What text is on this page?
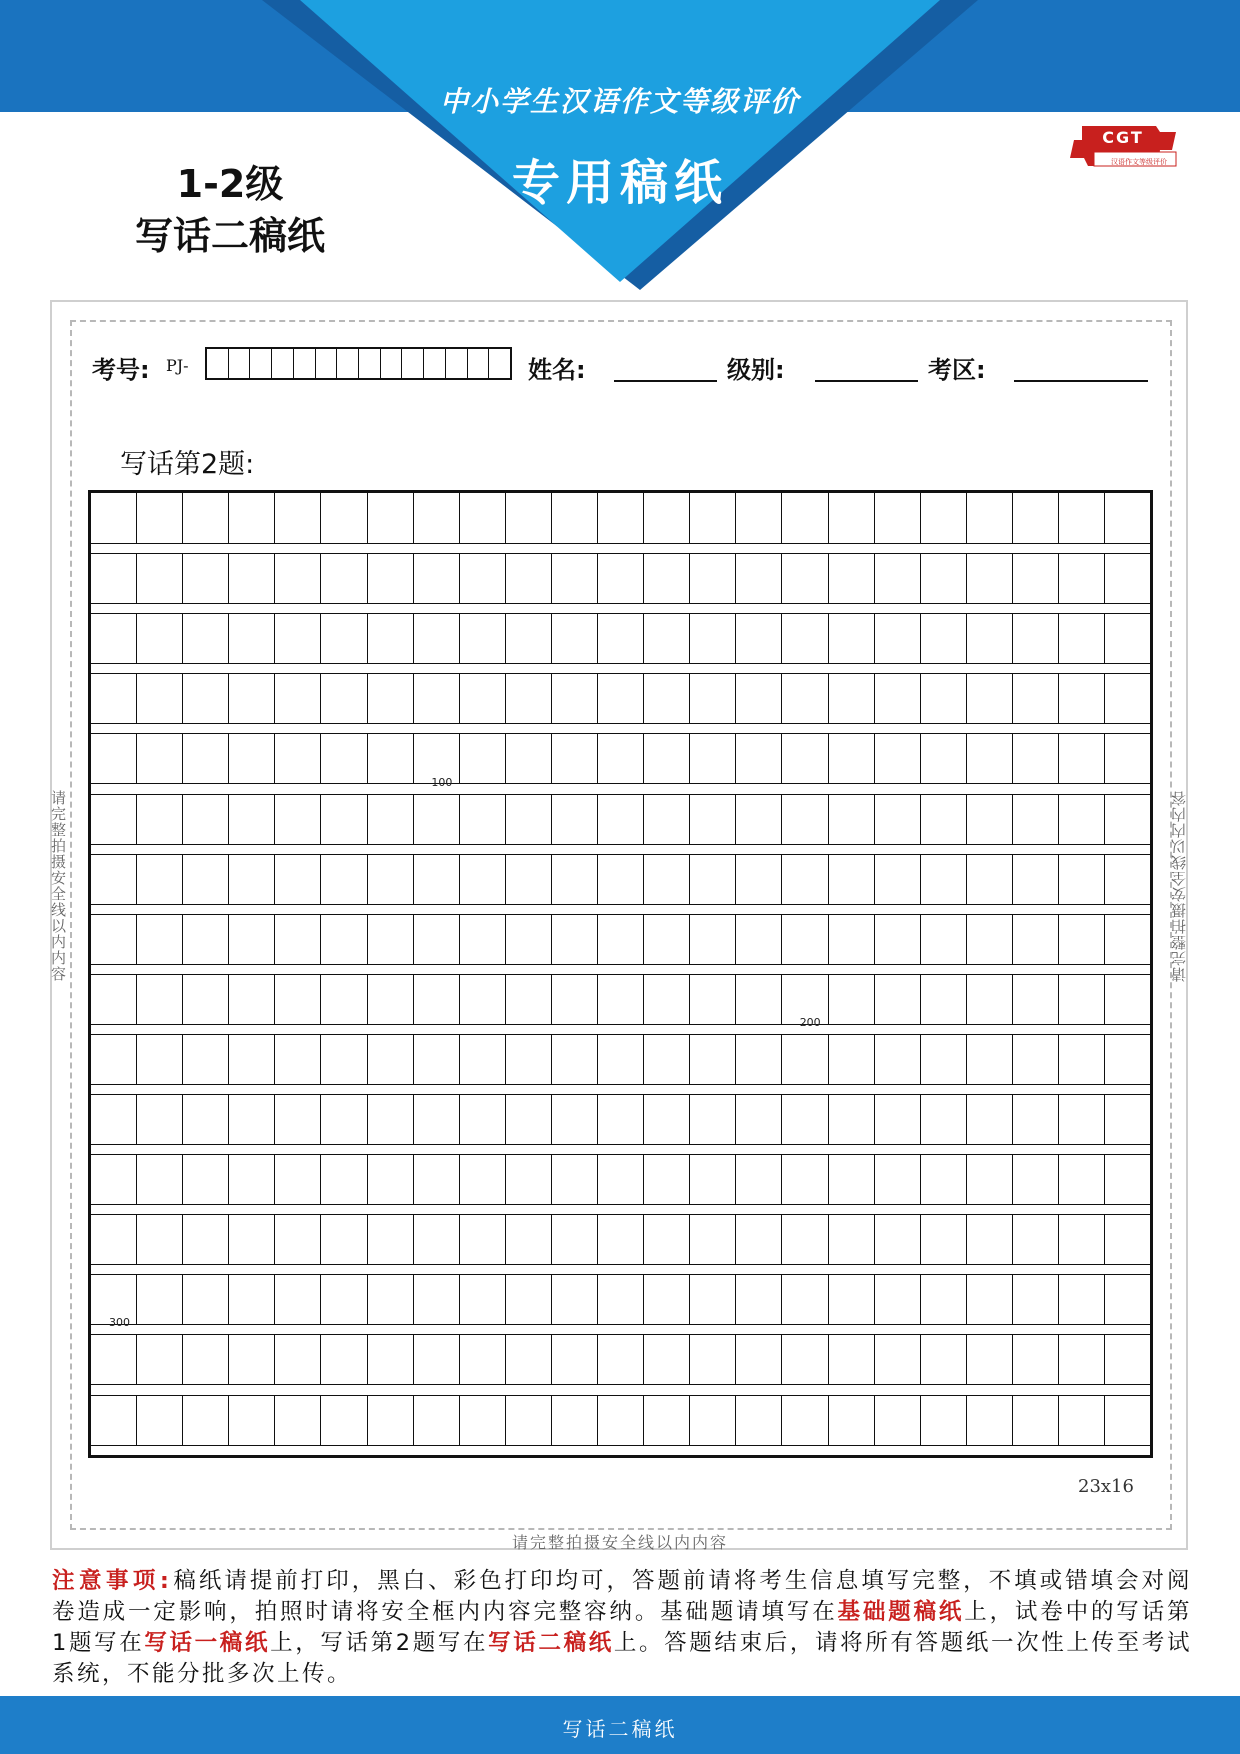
中小学生汉语作文等级评价
专用稿纸
1-2级
写话二稿纸
CGT
汉语作文等级评价
请完整拍摄安全线以内内容	请完整拍摄安全线以内内容
请完整拍摄安全线以内内容
考号: PJ-	姓名:	级别:	考区:
写话第2题:
100
200
300
23x16
注意事项:稿纸请提前打印，黑白、彩色打印均可，答题前请将考生信息填写完整，不填或错填会对阅卷造成一定影响，拍照时请将安全框内内容完整容纳。基础题请填写在基础题稿纸上，试卷中的写话第1题写在写话一稿纸上，写话第2题写在写话二稿纸上。答题结束后，请将所有答题纸一次性上传至考试系统，不能分批多次上传。
写话二稿纸
